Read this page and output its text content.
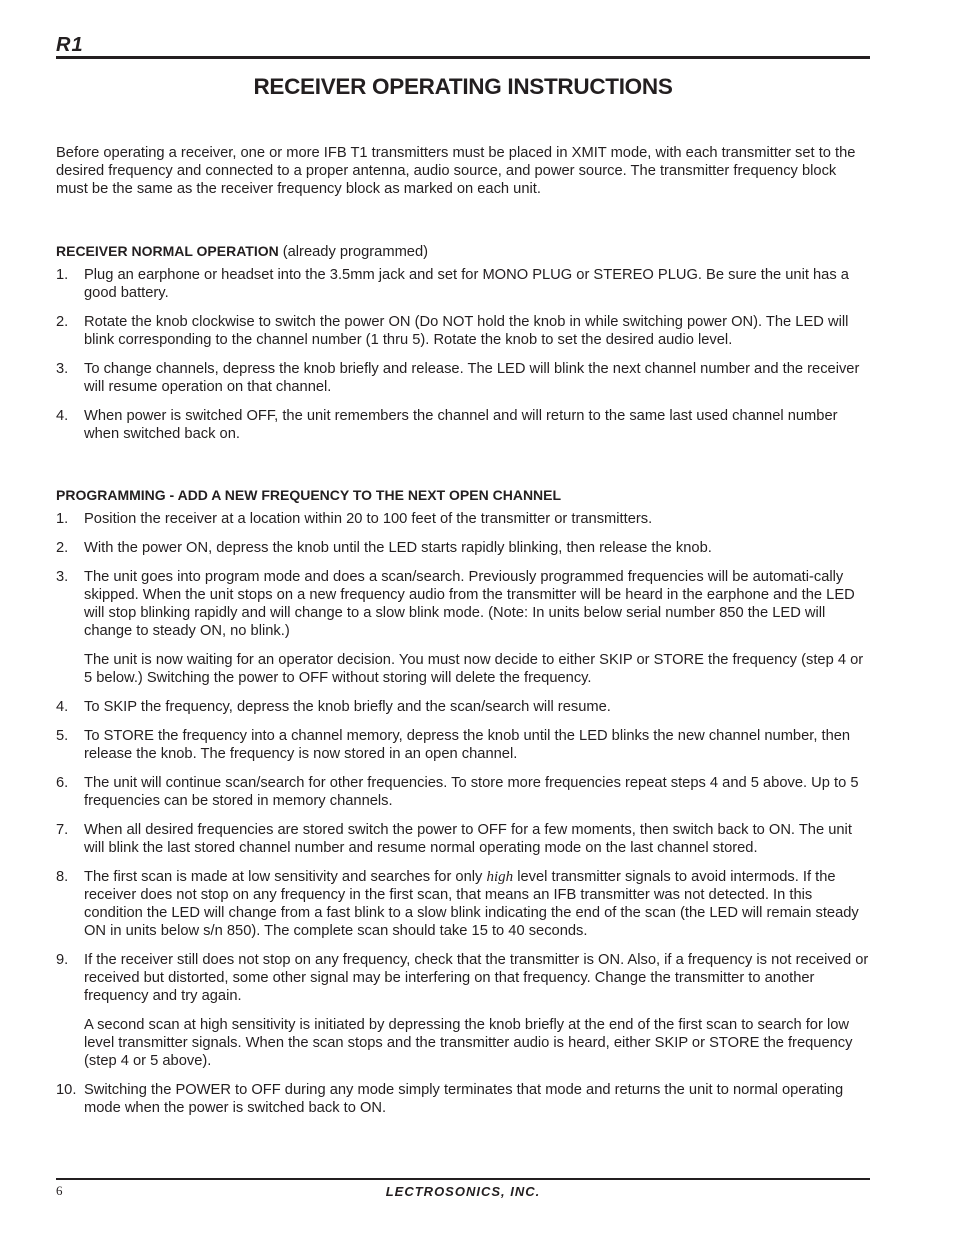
R1
RECEIVER OPERATING INSTRUCTIONS
Before operating a receiver, one or more IFB T1 transmitters must be placed in XMIT mode, with each transmitter set to the desired frequency and connected to a proper antenna, audio source, and power source. The transmitter frequency block must be the same as the receiver frequency block as marked on each unit.
RECEIVER NORMAL OPERATION (already programmed)
1. Plug an earphone or headset into the 3.5mm jack and set for MONO PLUG or STEREO PLUG. Be sure the unit has a good battery.
2. Rotate the knob clockwise to switch the power ON (Do NOT hold the knob in while switching power ON). The LED will blink corresponding to the channel number (1 thru 5). Rotate the knob to set the desired audio level.
3. To change channels, depress the knob briefly and release. The LED will blink the next channel number and the receiver will resume operation on that channel.
4. When power is switched OFF, the unit remembers the channel and will return to the same last used channel number when switched back on.
PROGRAMMING - ADD A NEW FREQUENCY TO THE NEXT OPEN CHANNEL
1. Position the receiver at a location within 20 to 100 feet of the transmitter or transmitters.
2. With the power ON, depress the knob until the LED starts rapidly blinking, then release the knob.
3. The unit goes into program mode and does a scan/search. Previously programmed frequencies will be automati-cally skipped. When the unit stops on a new frequency audio from the transmitter will be heard in the earphone and the LED will stop blinking rapidly and will change to a slow blink mode. (Note: In units below serial number 850 the LED will change to steady ON, no blink.)
The unit is now waiting for an operator decision. You must now decide to either SKIP or STORE the frequency (step 4 or 5 below.) Switching the power to OFF without storing will delete the frequency.
4. To SKIP the frequency, depress the knob briefly and the scan/search will resume.
5. To STORE the frequency into a channel memory, depress the knob until the LED blinks the new channel number, then release the knob. The frequency is now stored in an open channel.
6. The unit will continue scan/search for other frequencies. To store more frequencies repeat steps 4 and 5 above. Up to 5 frequencies can be stored in memory channels.
7. When all desired frequencies are stored switch the power to OFF for a few moments, then switch back to ON. The unit will blink the last stored channel number and resume normal operating mode on the last channel stored.
8. The first scan is made at low sensitivity and searches for only high level transmitter signals to avoid intermods. If the receiver does not stop on any frequency in the first scan, that means an IFB transmitter was not detected. In this condition the LED will change from a fast blink to a slow blink indicating the end of the scan (the LED will remain steady ON in units below s/n 850). The complete scan should take 15 to 40 seconds.
9. If the receiver still does not stop on any frequency, check that the transmitter is ON. Also, if a frequency is not received or received but distorted, some other signal may be interfering on that frequency. Change the transmitter to another frequency and try again.
A second scan at high sensitivity is initiated by depressing the knob briefly at the end of the first scan to search for low level transmitter signals. When the scan stops and the transmitter audio is heard, either SKIP or STORE the frequency (step 4 or 5 above).
10. Switching the POWER to OFF during any mode simply terminates that mode and returns the unit to normal operating mode when the power is switched back to ON.
6	LECTROSONICS, INC.
